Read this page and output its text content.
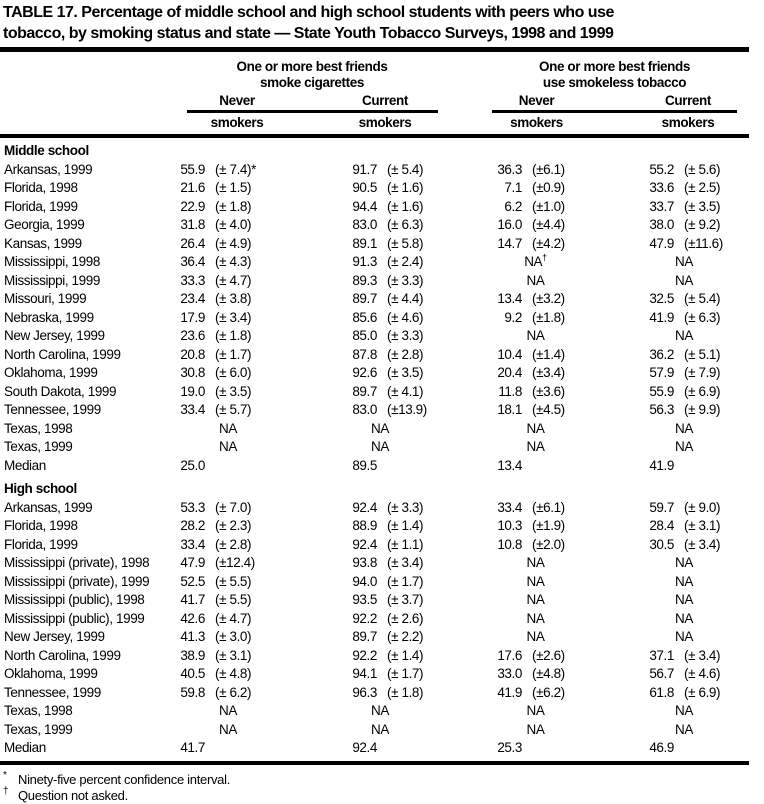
TABLE 17. Percentage of middle school and high school students with peers who use
tobacco, by smoking status and state — State Youth Tobacco Surveys, 1998 and 1999
One or more best friends
smoke cigarettes
One or more best friends
use smokeless tobacco
Never	Current	Never	Current
smokers	smokers	smokers	smokers
Middle school
Arkansas, 1999	55.9 (± 7.4)*	91.7 (± 5.4)	36.3 (±6.1)	55.2 (± 5.6)
Florida, 1998	21.6 (± 1.5)	90.5 (± 1.6)	7.1 (±0.9)	33.6 (± 2.5)
Florida, 1999	22.9 (± 1.8)	94.4 (± 1.6)	6.2 (±1.0)	33.7 (± 3.5)
Georgia, 1999	31.8 (± 4.0)	83.0 (± 6.3)	16.0 (±4.4)	38.0 (± 9.2)
Kansas, 1999	26.4 (± 4.9)	89.1 (± 5.8)	14.7 (±4.2)	47.9 (±11.6)
Mississippi, 1998	36.4 (± 4.3)	91.3 (± 2.4)	NA†	NA
Mississippi, 1999	33.3 (± 4.7)	89.3 (± 3.3)	NA	NA
Missouri, 1999	23.4 (± 3.8)	89.7 (± 4.4)	13.4 (±3.2)	32.5 (± 5.4)
Nebraska, 1999	17.9 (± 3.4)	85.6 (± 4.6)	9.2 (±1.8)	41.9 (± 6.3)
New Jersey, 1999	23.6 (± 1.8)	85.0 (± 3.3)	NA	NA
North Carolina, 1999	20.8 (± 1.7)	87.8 (± 2.8)	10.4 (±1.4)	36.2 (± 5.1)
Oklahoma, 1999	30.8 (± 6.0)	92.6 (± 3.5)	20.4 (±3.4)	57.9 (± 7.9)
South Dakota, 1999	19.0 (± 3.5)	89.7 (± 4.1)	11.8 (±3.6)	55.9 (± 6.9)
Tennessee, 1999	33.4 (± 5.7)	83.0 (±13.9)	18.1 (±4.5)	56.3 (± 9.9)
Texas, 1998	NA	NA	NA	NA
Texas, 1999	NA	NA	NA	NA
Median	25.0	89.5	13.4	41.9
High school
Arkansas, 1999	53.3 (± 7.0)	92.4 (± 3.3)	33.4 (±6.1)	59.7 (± 9.0)
Florida, 1998	28.2 (± 2.3)	88.9 (± 1.4)	10.3 (±1.9)	28.4 (± 3.1)
Florida, 1999	33.4 (± 2.8)	92.4 (± 1.1)	10.8 (±2.0)	30.5 (± 3.4)
Mississippi (private), 1998	47.9 (±12.4)	93.8 (± 3.4)	NA	NA
Mississippi (private), 1999	52.5 (± 5.5)	94.0 (± 1.7)	NA	NA
Mississippi (public), 1998	41.7 (± 5.5)	93.5 (± 3.7)	NA	NA
Mississippi (public), 1999	42.6 (± 4.7)	92.2 (± 2.6)	NA	NA
New Jersey, 1999	41.3 (± 3.0)	89.7 (± 2.2)	NA	NA
North Carolina, 1999	38.9 (± 3.1)	92.2 (± 1.4)	17.6 (±2.6)	37.1 (± 3.4)
Oklahoma, 1999	40.5 (± 4.8)	94.1 (± 1.7)	33.0 (±4.8)	56.7 (± 4.6)
Tennessee, 1999	59.8 (± 6.2)	96.3 (± 1.8)	41.9 (±6.2)	61.8 (± 6.9)
Texas, 1998	NA	NA	NA	NA
Texas, 1999	NA	NA	NA	NA
Median	41.7	92.4	25.3	46.9
* Ninety-five percent confidence interval.
† Question not asked.
